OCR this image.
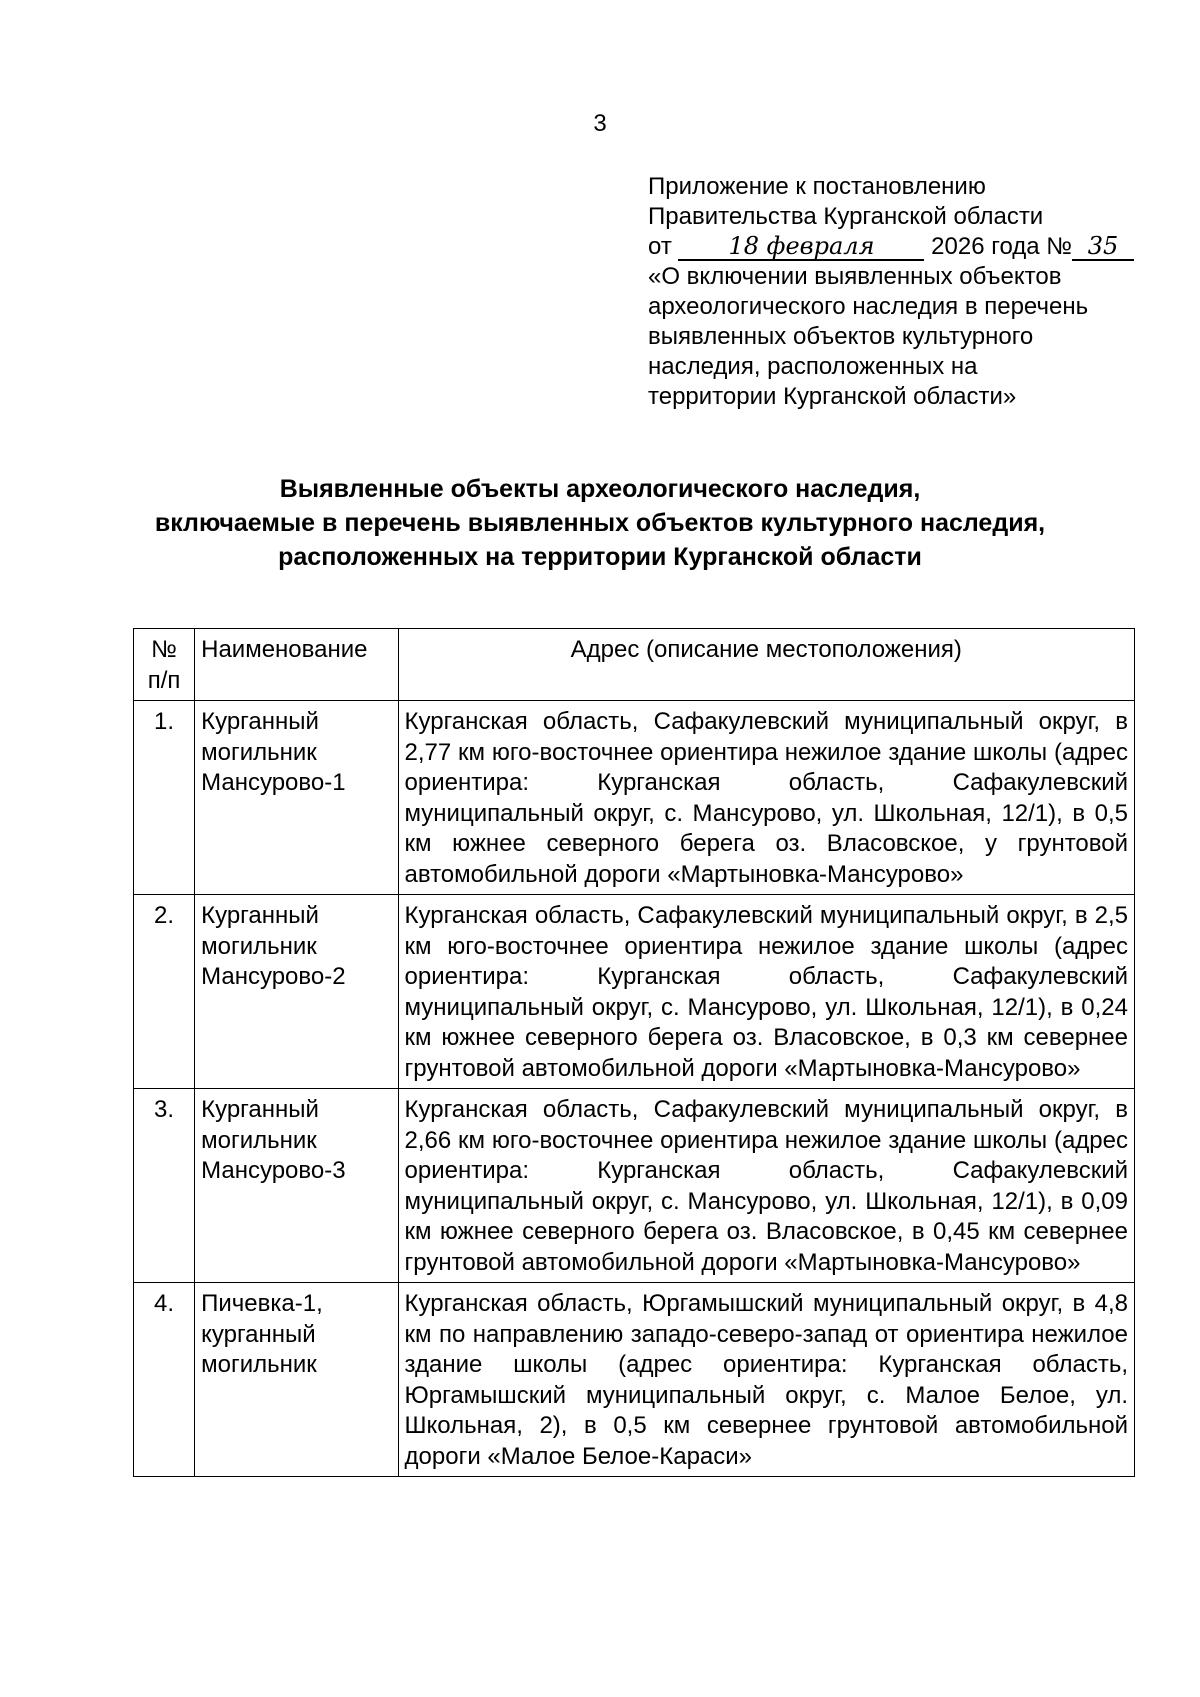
3
Приложение к постановлению
Правительства Курганской области
от 18 февраля 2026 года № 35
«О включении выявленных объектов
археологического наследия в перечень
выявленных объектов культурного
наследия, расположенных на
территории Курганской области»
Выявленные объекты археологического наследия,
включаемые в перечень выявленных объектов культурного наследия,
расположенных на территории Курганской области
№ п/п	Наименование	Адрес (описание местоположения)
1.	Курганный могильник Мансурово-1	Курганская область, Сафакулевский муниципальный округ, в 2,77 км юго-восточнее ориентира нежилое здание школы (адрес ориентира: Курганская область, Сафакулевский муниципальный округ, с. Мансурово, ул. Школьная, 12/1), в 0,5 км южнее северного берега оз. Власовское, у грунтовой автомобильной дороги «Мартыновка-Мансурово»
2.	Курганный могильник Мансурово-2	Курганская область, Сафакулевский муниципальный округ, в 2,5 км юго-восточнее ориентира нежилое здание школы (адрес ориентира: Курганская область, Сафакулевский муниципальный округ, с. Мансурово, ул. Школьная, 12/1), в 0,24 км южнее северного берега оз. Власовское, в 0,3 км севернее грунтовой автомобильной дороги «Мартыновка-Мансурово»
3.	Курганный могильник Мансурово-3	Курганская область, Сафакулевский муниципальный округ, в 2,66 км юго-восточнее ориентира нежилое здание школы (адрес ориентира: Курганская область, Сафакулевский муниципальный округ, с. Мансурово, ул. Школьная, 12/1), в 0,09 км южнее северного берега оз. Власовское, в 0,45 км севернее грунтовой автомобильной дороги «Мартыновка-Мансурово»
4.	Пичевка-1, курганный могильник	Курганская область, Юргамышский муниципальный округ, в 4,8 км по направлению западо-северо-запад от ориентира нежилое здание школы (адрес ориентира: Курганская область, Юргамышский муниципальный округ, с. Малое Белое, ул. Школьная, 2), в 0,5 км севернее грунтовой автомобильной дороги «Малое Белое-Караси»
